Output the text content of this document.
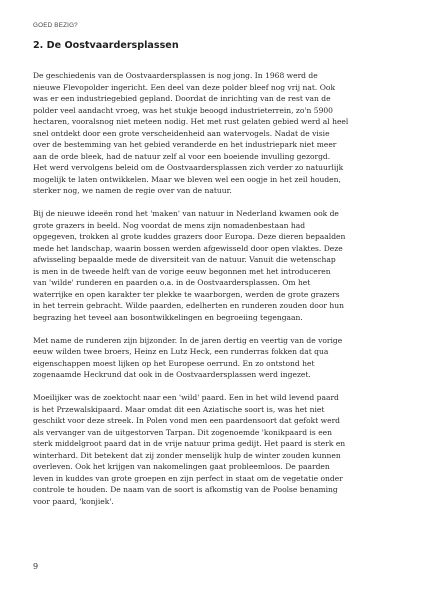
GOED BEZIG?
2. De Oostvaardersplassen

De geschiedenis van de Oostvaardersplassen is nog jong. In 1968 werd de
nieuwe Flevopolder ingericht. Een deel van deze polder bleef nog vrij nat. Ook
was er een industriegebied gepland. Doordat de inrichting van de rest van de
polder veel aandacht vroeg, was het stukje beoogd industrieterrein, zo'n 5900
hectaren, vooralsnog niet meteen nodig. Het met rust gelaten gebied werd al heel
snel ontdekt door een grote verscheidenheid aan watervogels. Nadat de visie
over de bestemming van het gebied veranderde en het industriepark niet meer
aan de orde bleek, had de natuur zelf al voor een boeiende invulling gezorgd.
Het werd vervolgens beleid om de Oostvaardersplassen zich verder zo natuurlijk
mogelijk te laten ontwikkelen. Maar we bleven wel een oogje in het zeil houden,
sterker nog, we namen de regie over van de natuur.

Bij de nieuwe ideeën rond het 'maken' van natuur in Nederland kwamen ook de
grote grazers in beeld. Nog voordat de mens zijn nomadenbestaan had
opgegeven, trokken al grote kuddes grazers door Europa. Deze dieren bepaalden
mede het landschap, waarin bossen werden afgewisseld door open vlaktes. Deze
afwisseling bepaalde mede de diversiteit van de natuur. Vanuit die wetenschap
is men in de tweede helft van de vorige eeuw begonnen met het introduceren
van 'wilde' runderen en paarden o.a. in de Oostvaardersplassen. Om het
waterrijke en open karakter ter plekke te waarborgen, werden de grote grazers
in het terrein gebracht. Wilde paarden, edelherten en runderen zouden door hun
begrazing het teveel aan bosontwikkelingen en begroeiing tegengaan.

Met name de runderen zijn bijzonder. In de jaren dertig en veertig van de vorige
eeuw wilden twee broers, Heinz en Lutz Heck, een runderras fokken dat qua
eigenschappen moest lijken op het Europese oerrund. En zo ontstond het
zogenaamde Heckrund dat ook in de Oostvaardersplassen werd ingezet.

Moeilijker was de zoektocht naar een 'wild' paard. Een in het wild levend paard
is het Przewalskipaard. Maar omdat dit een Aziatische soort is, was het niet
geschikt voor deze streek. In Polen vond men een paardensoort dat gefokt werd
als vervanger van de uitgestorven Tarpan. Dit zogenoemde 'konikpaard is een
sterk middelgroot paard dat in de vrije natuur prima gedijt. Het paard is sterk en
winterhard. Dit betekent dat zij zonder menselijk hulp de winter zouden kunnen
overleven. Ook het krijgen van nakomelingen gaat probleemloos. De paarden
leven in kuddes van grote groepen en zijn perfect in staat om de vegetatie onder
controle te houden. De naam van de soort is afkomstig van de Poolse benaming
voor paard, 'konjiek'.

9
